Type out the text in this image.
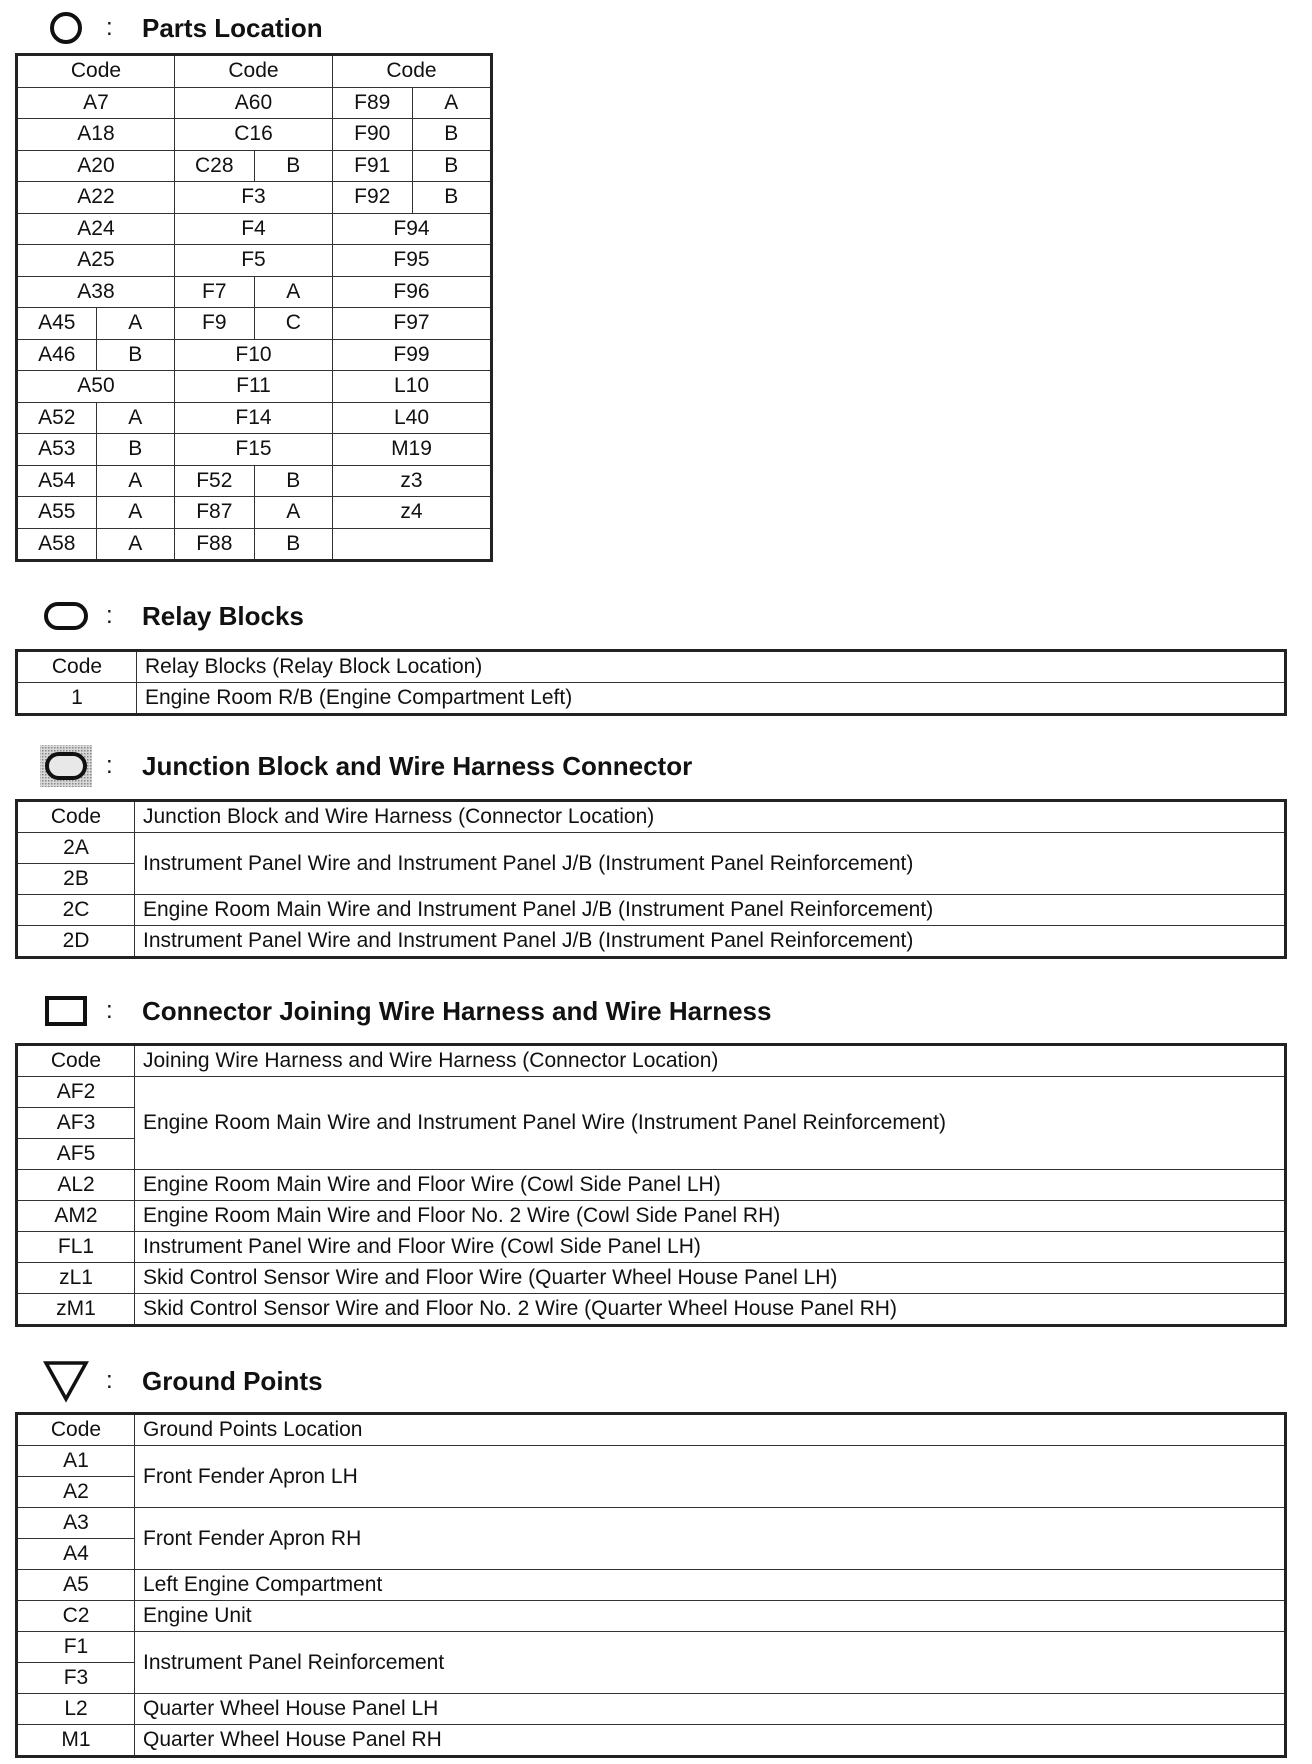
: Parts Location
Code		Code		Code	
A7		A60		F89	A
A18		C16		F90	B
A20		C28	B	F91	B
A22		F3		F92	B
A24		F4		F94	
A25		F5		F95	
A38		F7	A	F96	
A45	A	F9	C	F97	
A46	B	F10		F99	
A50		F11		L10	
A52	A	F14		L40	
A53	B	F15		M19	
A54	A	F52	B	z3	
A55	A	F87	A	z4	
A58	A	F88	B		
: Relay Blocks
Code	Relay Blocks (Relay Block Location)
1	Engine Room R/B (Engine Compartment Left)
: Junction Block and Wire Harness Connector
Code	Junction Block and Wire Harness (Connector Location)
2A	Instrument Panel Wire and Instrument Panel J/B (Instrument Panel Reinforcement)
2B	
2C	Engine Room Main Wire and Instrument Panel J/B (Instrument Panel Reinforcement)
2D	Instrument Panel Wire and Instrument Panel J/B (Instrument Panel Reinforcement)
: Connector Joining Wire Harness and Wire Harness
Code	Joining Wire Harness and Wire Harness (Connector Location)
AF2	Engine Room Main Wire and Instrument Panel Wire (Instrument Panel Reinforcement)
AF3	
AF5	
AL2	Engine Room Main Wire and Floor Wire (Cowl Side Panel LH)
AM2	Engine Room Main Wire and Floor No. 2 Wire (Cowl Side Panel RH)
FL1	Instrument Panel Wire and Floor Wire (Cowl Side Panel LH)
zL1	Skid Control Sensor Wire and Floor Wire (Quarter Wheel House Panel LH)
zM1	Skid Control Sensor Wire and Floor No. 2 Wire (Quarter Wheel House Panel RH)
: Ground Points
Code	Ground Points Location
A1	Front Fender Apron LH
A2	
A3	Front Fender Apron RH
A4	
A5	Left Engine Compartment
C2	Engine Unit
F1	Instrument Panel Reinforcement
F3	
L2	Quarter Wheel House Panel LH
M1	Quarter Wheel House Panel RH
